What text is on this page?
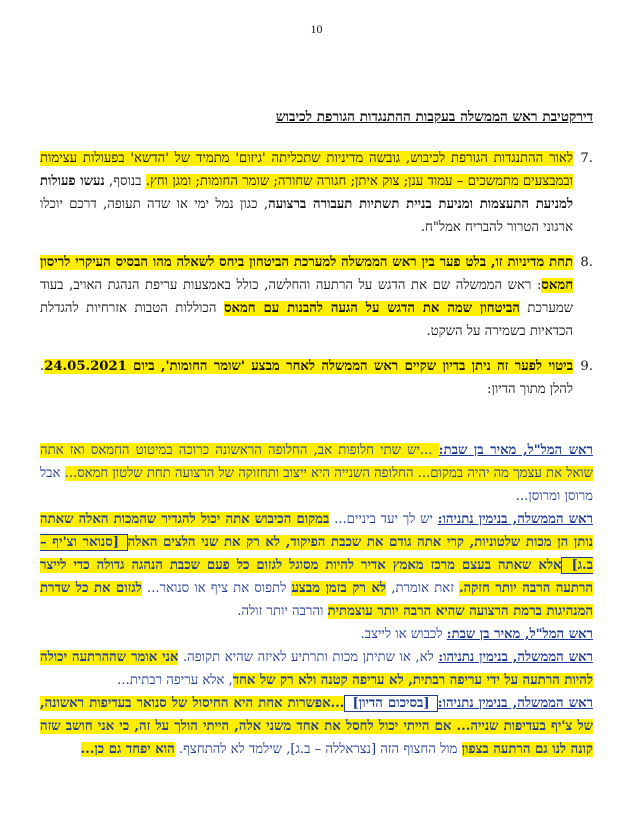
10
דירקטיבת ראש הממשלה בעקבות ההתנגדות הגורפת לכיבוש
7.
לאור ההתנגדות הגורפת לכיבוש, גובשה מדיניות שתכליתה 'גיזום' מתמיד של 'הדשא' בפעולות עצימות ובמבצעים מתמשכים – עמוד ענן; צוק איתן; חגורה שחורה; שומר החומות; ומגן וחץ. בנוסף, נעשו פעולות למניעת התעצמות ומניעת בניית תשתיות תעבורה ברצועה, כגון נמל ימי או שדה תעופה, דרכם יוכלו ארגוני הטרור להבריח אמל"ח.
8.
תחת מדיניות זו, בלט פער בין ראש הממשלה למערכת הביטחון ביחס לשאלה מהו הבסיס העיקרי לריסון חמאס: ראש הממשלה שם את הדגש על הרתעה והחלשה, כולל באמצעות עריפת הנהגת האויב, בעוד שמערכת הביטחון שמה את הדגש על הגעה להבנות עם חמאס הכוללות הטבות אזרחיות להגדלת הכדאיות בשמירה על השקט.
9.
ביטוי לפער זה ניתן בדיון שקיים ראש הממשלה לאחר מבצע 'שומר החומות', ביום 24.05.2021. להלן מתוך הדיון:

ראש המל"ל, מאיר בן שבת: ...יש שתי חלופות אב, החלופה הראשונה כרוכה במיטוט החמאס ואז אתה שואל את עצמך מה יהיה במקום... החלופה השנייה היא ייצוב ותחזוקה של הרצועה תחת שלטון חמאס... אבל מרוסן ומרוסן...

ראש הממשלה, בנימין נתניהו: יש לך יעד ביניים... במקום הכיבוש אתה יכול להגדיר שהמכות האלה שאתה נותן הן מכות שלטוניות, קרי אתה גודם את שכבת הפיקוד, לא רק את שני הלצים האלה [סנואר וצ'יף – ב.ג] אלא שאתה בעצם מרכז מאמץ אדיר להיות מסוגל לגזום כל פעם שכבת הנהגה גדולה כדי לייצר הרתעה הרבה יותר חזקה. זאת אומרת, לא רק בזמן מבצע לתפוס את ציף או סנואר... לגזום את כל שדרת המנהיגות ברמת הרצועה שהיא הרבה יותר עוצמתית והרבה יותר זולה.

ראש המל"ל, מאיר בן שבת: לכבוש או לייצב.

ראש הממשלה, בנימין נתניהו: לא, או שתיתן מכות ותרתיע לאיזה שהיא תקופה. אני אומר שההרתעה יכולה להיות הרתעה על ידי עריפה רבתית, לא עריפה קטנה ולא רק של אחד, אלא עריפה רבתית...

ראש הממשלה, בנימין נתניהו: [בסיכום הדיון] ...אפשרות אחת היא החיסול של סנואר בעדיפות ראשונה, של צ'יף בעדיפות שנייה... אם הייתי יכול לחסל את אחד משני אלה, הייתי הולך על זה, כי אני חושב שזה קונה לנו גם הרתעה בצפון מול החצוף הזה [נצראללה – ב.ג], שילמד לא להתחצף. הוא יפחד גם כן...
